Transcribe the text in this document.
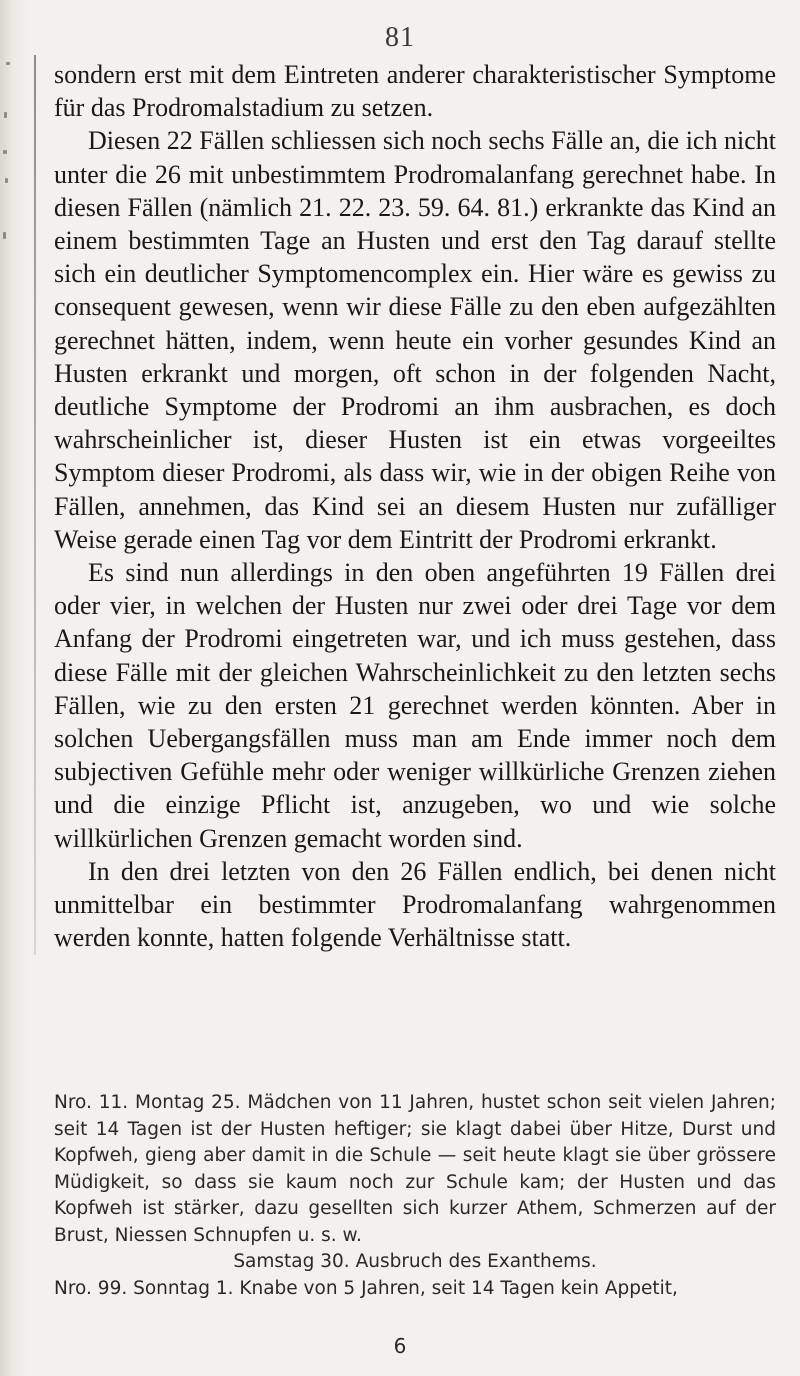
81

sondern erst mit dem Eintreten anderer charakteristischer Symptome für das Prodromalstadium zu setzen.

Diesen 22 Fällen schliessen sich noch sechs Fälle an, die ich nicht unter die 26 mit unbestimmtem Prodromalanfang gerechnet habe. In diesen Fällen (nämlich 21. 22. 23. 59. 64. 81.) erkrankte das Kind an einem bestimmten Tage an Husten und erst den Tag darauf stellte sich ein deutlicher Symptomencomplex ein. Hier wäre es gewiss zu consequent gewesen, wenn wir diese Fälle zu den eben aufgezählten gerechnet hätten, indem, wenn heute ein vorher gesundes Kind an Husten erkrankt und morgen, oft schon in der folgenden Nacht, deutliche Symptome der Prodromi an ihm ausbrachen, es doch wahrscheinlicher ist, dieser Husten ist ein etwas vorgeeiltes Symptom dieser Prodromi, als dass wir, wie in der obigen Reihe von Fällen, annehmen, das Kind sei an diesem Husten nur zufälliger Weise gerade einen Tag vor dem Eintritt der Prodromi erkrankt.

Es sind nun allerdings in den oben angeführten 19 Fällen drei oder vier, in welchen der Husten nur zwei oder drei Tage vor dem Anfang der Prodromi eingetreten war, und ich muss gestehen, dass diese Fälle mit der gleichen Wahrscheinlichkeit zu den letzten sechs Fällen, wie zu den ersten 21 gerechnet werden könnten. Aber in solchen Uebergangsfällen muss man am Ende immer noch dem subjectiven Gefühle mehr oder weniger willkürliche Grenzen ziehen und die einzige Pflicht ist, anzugeben, wo und wie solche willkürlichen Grenzen gemacht worden sind.

In den drei letzten von den 26 Fällen endlich, bei denen nicht unmittelbar ein bestimmter Prodromalanfang wahrgenommen werden konnte, hatten folgende Verhältnisse statt.

Nro. 11. Montag 25. Mädchen von 11 Jahren, hustet schon seit vielen Jahren; seit 14 Tagen ist der Husten heftiger; sie klagt dabei über Hitze, Durst und Kopfweh, gieng aber damit in die Schule — seit heute klagt sie über grössere Müdigkeit, so dass sie kaum noch zur Schule kam; der Husten und das Kopfweh ist stärker, dazu gesellten sich kurzer Athem, Schmerzen auf der Brust, Niessen Schnupfen u. s. w.

Samstag 30. Ausbruch des Exanthems.

Nro. 99. Sonntag 1. Knabe von 5 Jahren, seit 14 Tagen kein Appetit,

6
